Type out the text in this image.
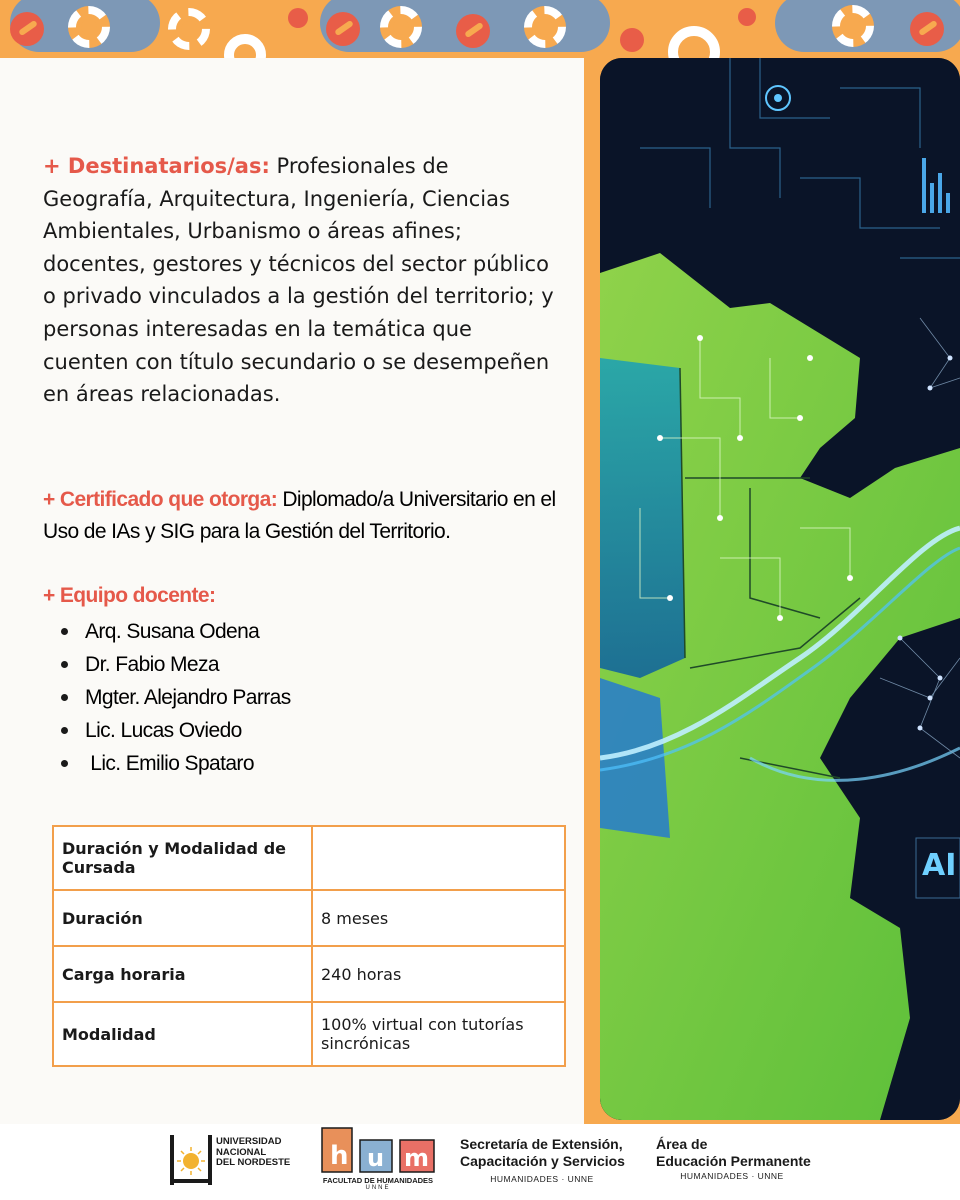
+ Destinatarios/as: Profesionales de Geografía, Arquitectura, Ingeniería, Ciencias Ambientales, Urbanismo o áreas afines; docentes, gestores y técnicos del sector público o privado vinculados a la gestión del territorio; y personas interesadas en la temática que cuenten con título secundario o se desempeñen en áreas relacionadas.

+ Certificado que otorga: Diplomado/a Universitario en el Uso de IAs y SIG para la Gestión del Territorio.
+ Equipo docente:
Arq. Susana Odena
Dr. Fabio Meza
Mgter. Alejandro Parras
Lic. Lucas Oviedo
Lic. Emilio Spataro
Duración y Modalidad de Cursada	
Duración	8 meses
Carga horaria	240 horas
Modalidad	100% virtual con tutorías sincrónicas
AI
UNIVERSIDAD
NACIONAL
DEL NORDESTE h u m
FACULTAD DE HUMANIDADES
UNNE
Secretaría de Extensión,
Capacitación y Servicios
HUMANIDADES · UNNE
Área de
Educación Permanente
HUMANIDADES · UNNE
